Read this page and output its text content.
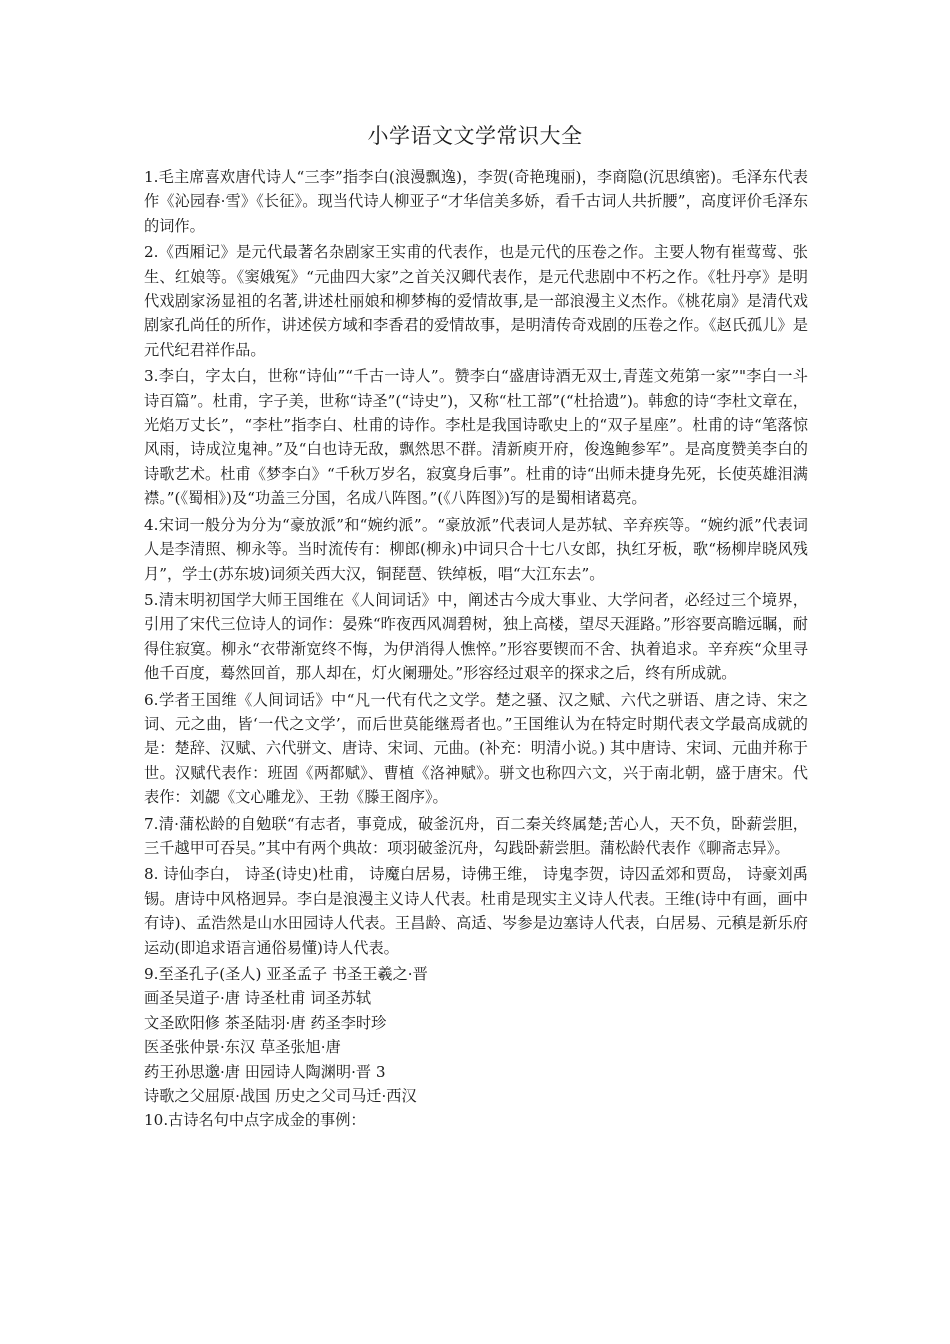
小学语文文学常识大全

1.毛主席喜欢唐代诗人“三李”指李白(浪漫飘逸)，李贺(奇艳瑰丽)，李商隐(沉思缜密)。毛泽东代表作《沁园春·雪》《长征》。现当代诗人柳亚子“才华信美多娇，看千古词人共折腰”，高度评价毛泽东的词作。

2.《西厢记》是元代最著名杂剧家王实甫的代表作，也是元代的压卷之作。主要人物有崔莺莺、张生、红娘等。《窦娥冤》“元曲四大家”之首关汉卿代表作，是元代悲剧中不朽之作。《牡丹亭》是明代戏剧家汤显祖的名著,讲述杜丽娘和柳梦梅的爱情故事,是一部浪漫主义杰作。《桃花扇》是清代戏剧家孔尚任的所作，讲述侯方域和李香君的爱情故事，是明清传奇戏剧的压卷之作。《赵氏孤儿》是元代纪君祥作品。

3.李白，字太白，世称“诗仙”“千古一诗人”。赞李白“盛唐诗酒无双士,青莲文苑第一家”"李白一斗诗百篇”。杜甫，字子美，世称“诗圣”(“诗史”)，又称“杜工部”(“杜拾遗”)。韩愈的诗“李杜文章在，光焰万丈长”，“李杜”指李白、杜甫的诗作。李杜是我国诗歌史上的“双子星座”。杜甫的诗“笔落惊风雨，诗成泣鬼神。”及“白也诗无敌，飘然思不群。清新庾开府，俊逸鲍参军”。是高度赞美李白的诗歌艺术。杜甫《梦李白》“千秋万岁名，寂寞身后事”。杜甫的诗“出师未捷身先死，长使英雄泪满襟。”(《蜀相》)及“功盖三分国，名成八阵图。”(《八阵图》)写的是蜀相诸葛亮。

4.宋词一般分为分为“豪放派”和“婉约派”。“豪放派”代表词人是苏轼、辛弃疾等。“婉约派”代表词人是李清照、柳永等。当时流传有：柳郎(柳永)中词只合十七八女郎，执红牙板，歌“杨柳岸晓风残月”，学士(苏东坡)词须关西大汉，铜琵琶、铁绰板，唱“大江东去”。

5.清末明初国学大师王国维在《人间词话》中，阐述古今成大事业、大学问者，必经过三个境界，引用了宋代三位诗人的词作：晏殊“昨夜西风凋碧树，独上高楼，望尽天涯路。”形容要高瞻远瞩，耐得住寂寞。柳永“衣带渐宽终不悔，为伊消得人憔悴。”形容要锲而不舍、执着追求。辛弃疾“众里寻他千百度，蓦然回首，那人却在，灯火阑珊处。”形容经过艰辛的探求之后，终有所成就。

6.学者王国维《人间词话》中“凡一代有代之文学。楚之骚、汉之赋、六代之骈语、唐之诗、宋之词、元之曲，皆‘一代之文学’，而后世莫能继焉者也。”王国维认为在特定时期代表文学最高成就的是：楚辞、汉赋、六代骈文、唐诗、宋词、元曲。(补充：明清小说。) 其中唐诗、宋词、元曲并称于世。汉赋代表作：班固《两都赋》、曹植《洛神赋》。骈文也称四六文，兴于南北朝，盛于唐宋。代表作：刘勰《文心雕龙》、王勃《滕王阁序》。

7.清·蒲松龄的自勉联“有志者，事竟成，破釜沉舟，百二秦关终属楚;苦心人，天不负，卧薪尝胆，三千越甲可吞吴。”其中有两个典故：项羽破釜沉舟，勾践卧薪尝胆。蒲松龄代表作《聊斋志异》。

8. 诗仙李白， 诗圣(诗史)杜甫， 诗魔白居易，诗佛王维， 诗鬼李贺，诗囚孟郊和贾岛， 诗豪刘禹锡。唐诗中风格迥异。李白是浪漫主义诗人代表。杜甫是现实主义诗人代表。王维(诗中有画，画中有诗)、孟浩然是山水田园诗人代表。王昌龄、高适、岑参是边塞诗人代表，白居易、元稹是新乐府运动(即追求语言通俗易懂)诗人代表。

9.至圣孔子(圣人) 亚圣孟子 书圣王羲之·晋

画圣吴道子·唐 诗圣杜甫 词圣苏轼

文圣欧阳修 茶圣陆羽·唐 药圣李时珍

医圣张仲景·东汉 草圣张旭·唐

药王孙思邈·唐 田园诗人陶渊明·晋 3

诗歌之父屈原·战国 历史之父司马迁·西汉

10.古诗名句中点字成金的事例：
